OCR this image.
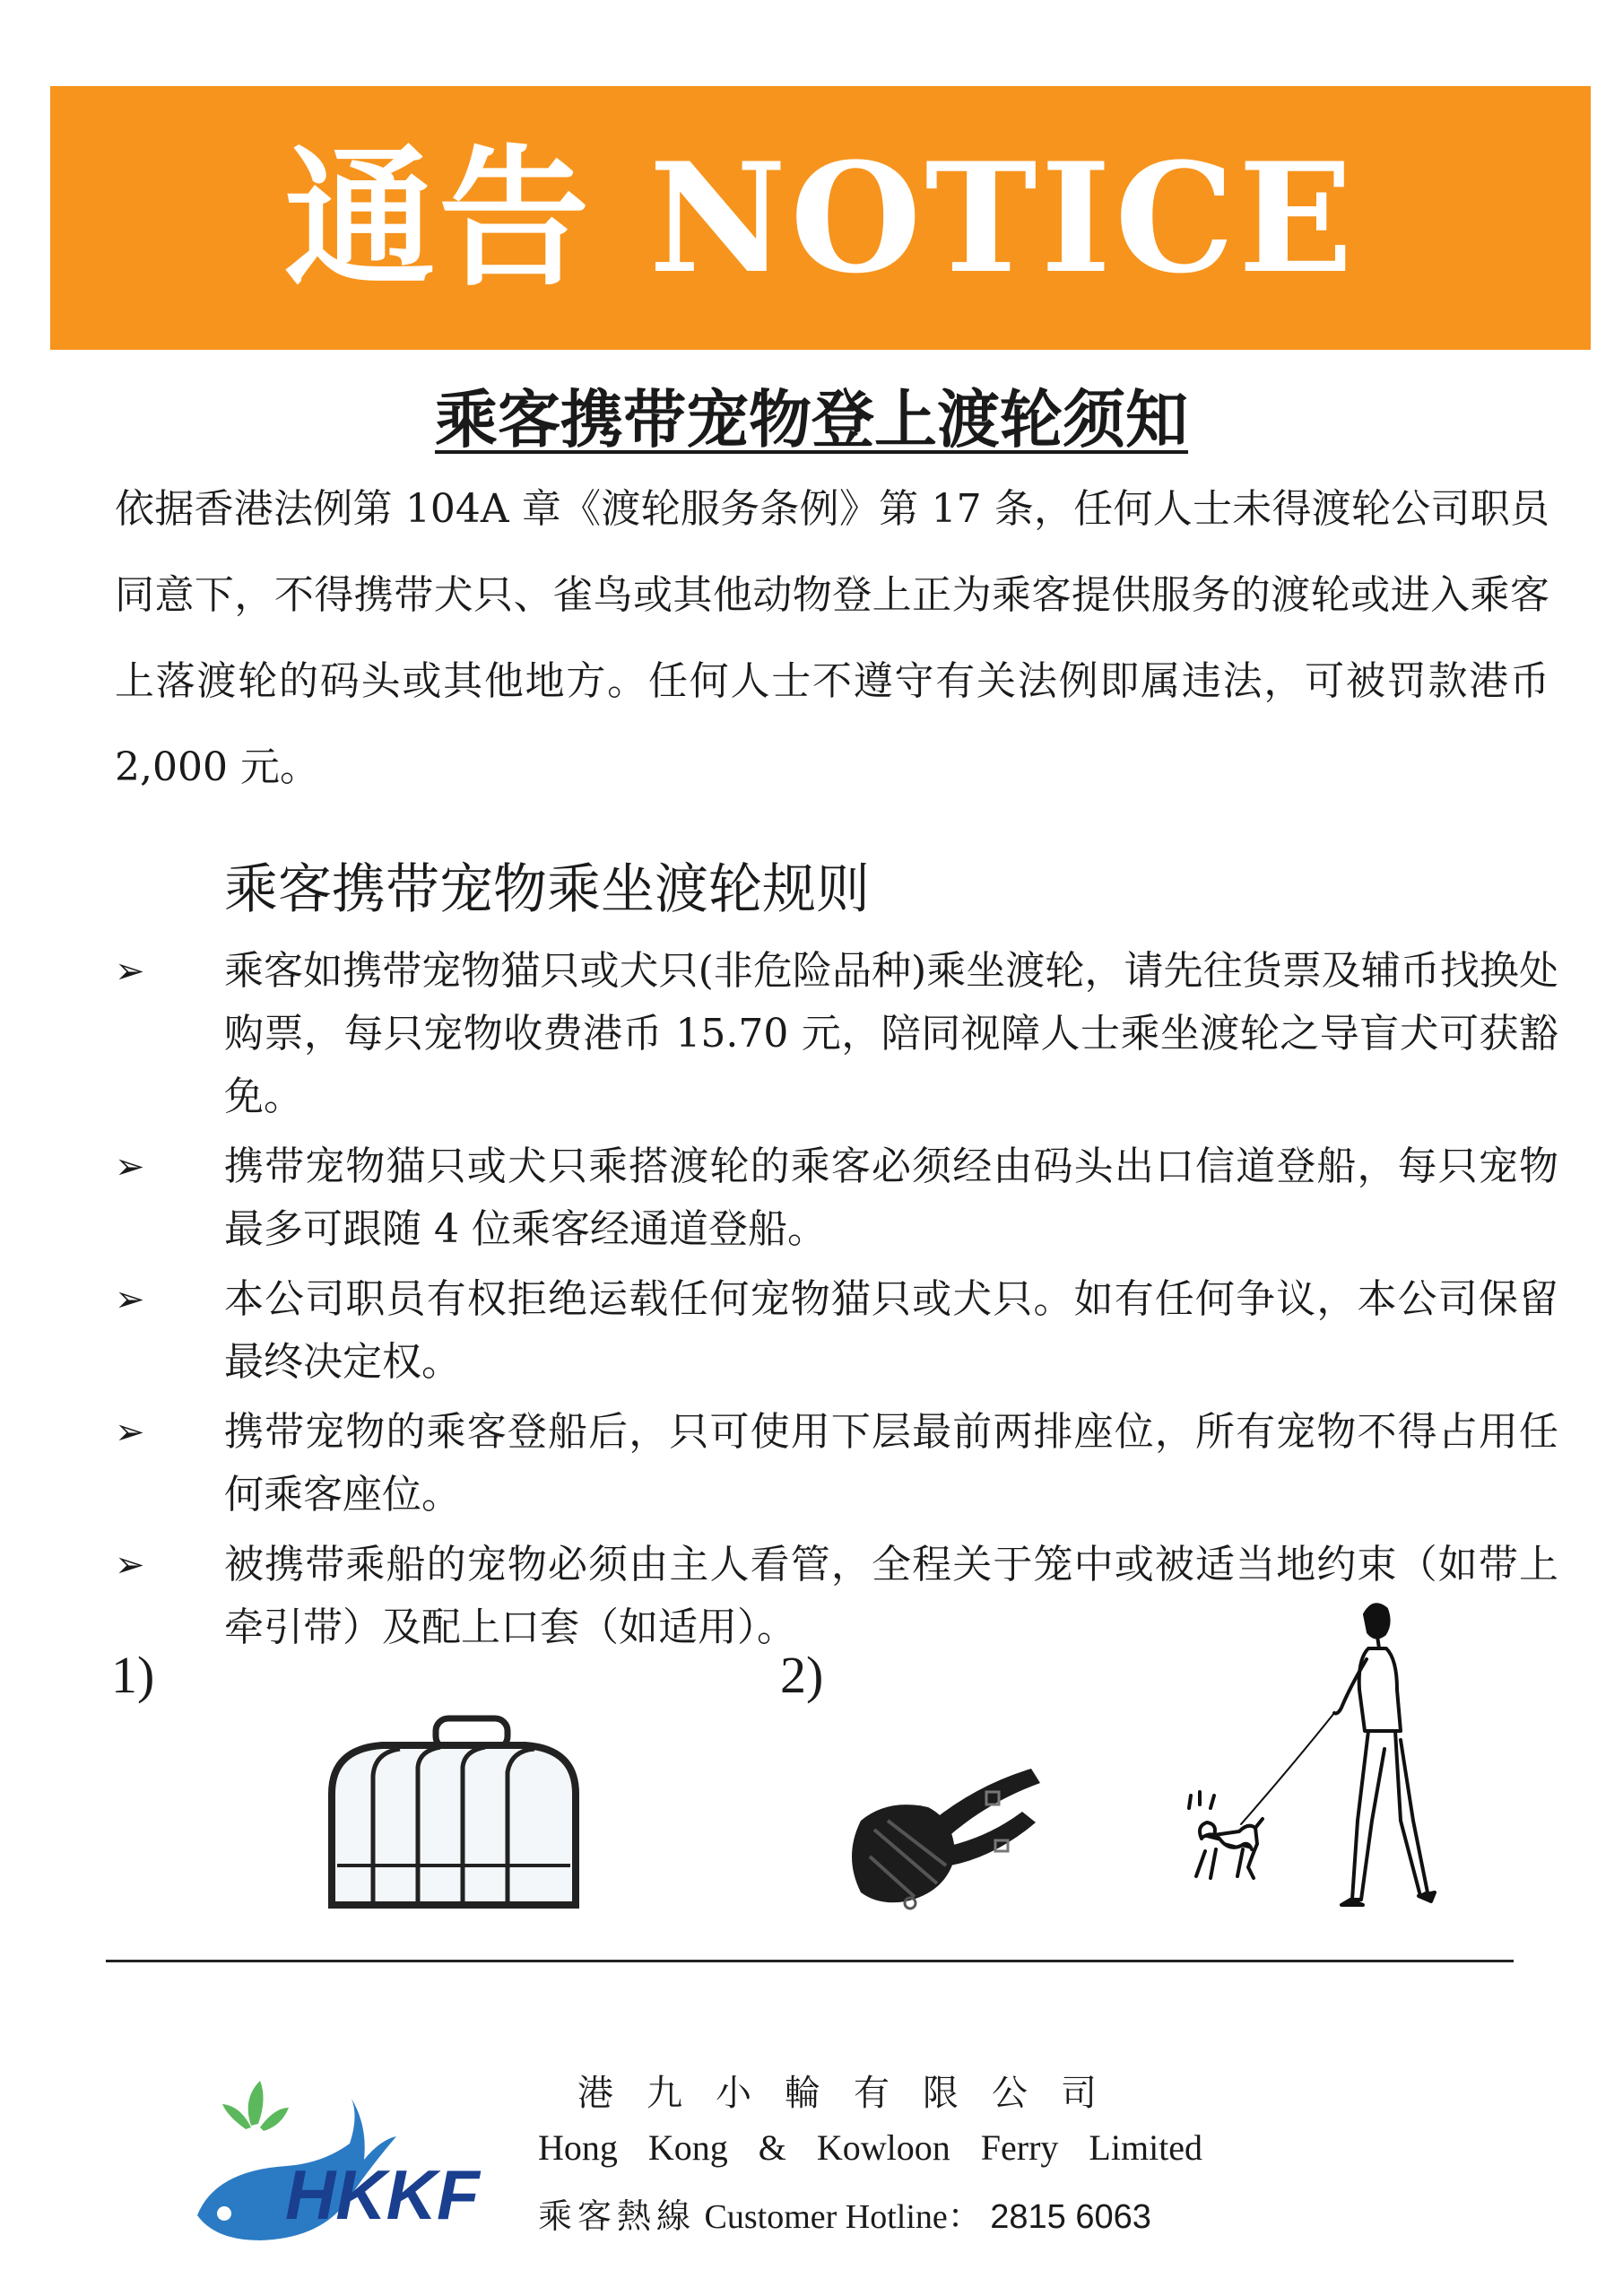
通告 NOTICE
乘客携带宠物登上渡轮须知
依据香港法例第 104A 章《渡轮服务条例》第 17 条，任何人士未得渡轮公司职员同意下，不得携带犬只、雀鸟或其他动物登上正为乘客提供服务的渡轮或进入乘客上落渡轮的码头或其他地方。任何人士不遵守有关法例即属违法，可被罚款港币 2,000 元。
乘客携带宠物乘坐渡轮规则
➢	乘客如携带宠物猫只或犬只(非危险品种)乘坐渡轮，请先往货票及辅币找换处购票，每只宠物收费港币 15.70 元，陪同视障人士乘坐渡轮之导盲犬可获豁免。
➢	携带宠物猫只或犬只乘搭渡轮的乘客必须经由码头出口信道登船，每只宠物最多可跟随 4 位乘客经通道登船。
➢	本公司职员有权拒绝运载任何宠物猫只或犬只。如有任何争议，本公司保留最终决定权。
➢	携带宠物的乘客登船后，只可使用下层最前两排座位，所有宠物不得占用任何乘客座位。
➢	被携带乘船的宠物必须由主人看管，全程关于笼中或被适当地约束（如带上牵引带）及配上口套（如适用）。
1)	2)
HKKF
港九小輪有限公司
Hong Kong & Kowloon Ferry Limited
乘客熱線 Customer Hotline： 2815 6063
